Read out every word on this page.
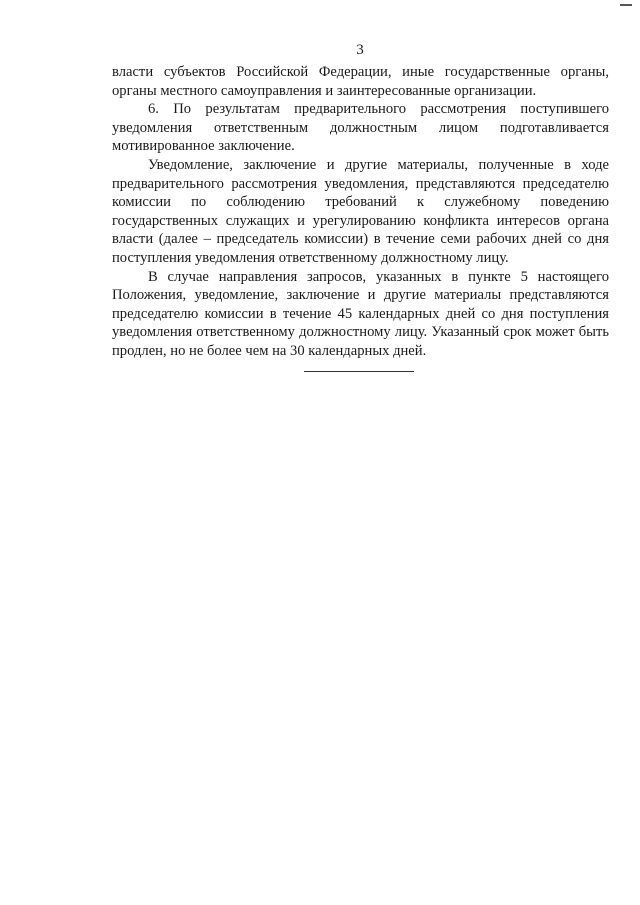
3

власти субъектов Российской Федерации, иные государственные органы, органы местного самоуправления и заинтересованные организации.

6. По результатам предварительного рассмотрения поступившего уведомления ответственным должностным лицом подготавливается мотивированное заключение.

Уведомление, заключение и другие материалы, полученные в ходе предварительного рассмотрения уведомления, представляются председателю комиссии по соблюдению требований к служебному поведению государственных служащих и урегулированию конфликта интересов органа власти (далее – председатель комиссии) в течение семи рабочих дней со дня поступления уведомления ответственному должностному лицу.

В случае направления запросов, указанных в пункте 5 настоящего Положения, уведомление, заключение и другие материалы представляются председателю комиссии в течение 45 календарных дней со дня поступления уведомления ответственному должностному лицу. Указанный срок может быть продлен, но не более чем на 30 календарных дней.
